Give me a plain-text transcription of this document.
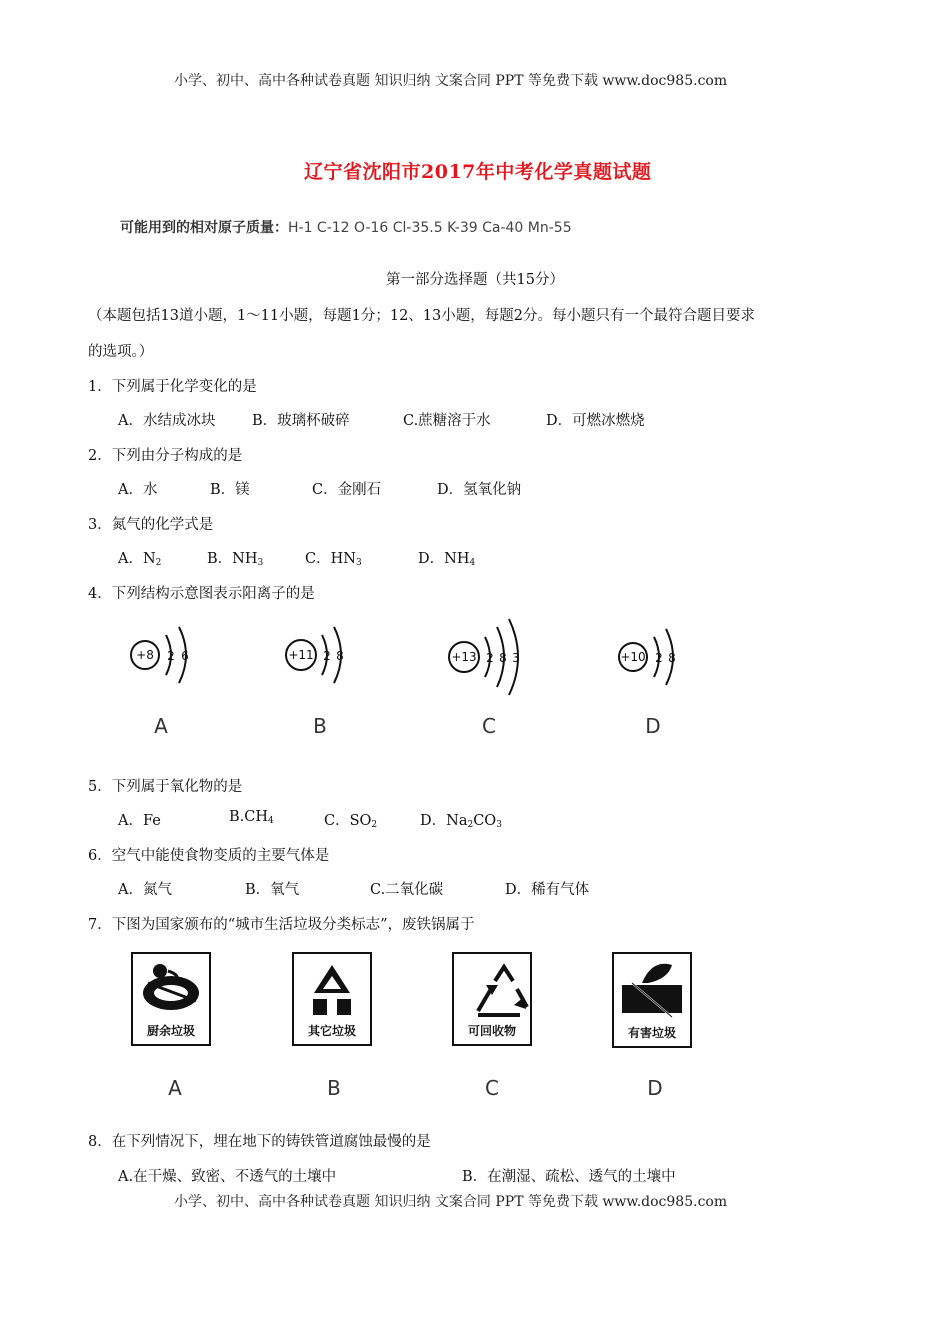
小学、初中、高中各种试卷真题 知识归纳 文案合同 PPT 等免费下载 www.doc985.com
辽宁省沈阳市2017年中考化学真题试题
可能用到的相对原子质量：H-1 C-12 O-16 Cl-35.5 K-39 Ca-40 Mn-55
第一部分选择题（共15分）
（本题包括13道小题，1～11小题，每题1分；12、13小题，每题2分。每小题只有一个最符合题目要求
的选项。）
1．下列属于化学变化的是
A．水结成冰块	B．玻璃杯破碎	C.蔗糖溶于水	D．可燃冰燃烧
2．下列由分子构成的是
A．水	B．镁	C．金刚石	D．氢氧化钠
3．氮气的化学式是
A．$N_2$	B．$NH_3$	C．$HN_3$	D．$NH_4$
4．下列结构示意图表示阳离子的是
+8 2 6	+11 2 8	+13 2 8 3	+10 2 8
A	B	C	D
5．下列属于氧化物的是
A．Fe	$B.CH_4$	C．$SO_2$	D．$Na_2CO_3$
6．空气中能使食物变质的主要气体是
A．氮气	B．氧气	C.二氧化碳	D．稀有气体
7．下图为国家颁布的“城市生活垃圾分类标志”，废铁锅属于
厨余垃圾	其它垃圾	可回收物	有害垃圾
A	B	C	D
8．在下列情况下，埋在地下的铸铁管道腐蚀最慢的是
A.在干燥、致密、不透气的土壤中	B．在潮湿、疏松、透气的土壤中
小学、初中、高中各种试卷真题 知识归纳 文案合同 PPT 等免费下载 www.doc985.com
